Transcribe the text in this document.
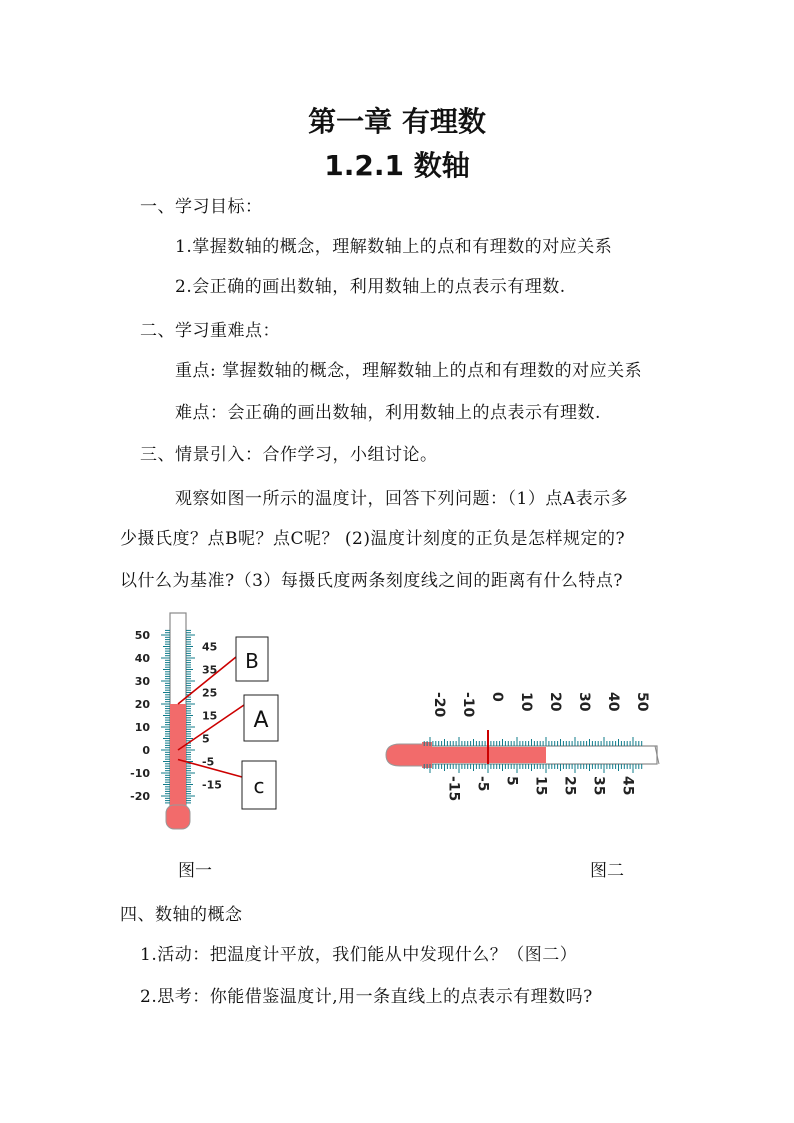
第一章 有理数
1.2.1 数轴
一、学习目标：
1.掌握数轴的概念，理解数轴上的点和有理数的对应关系
2.会正确的画出数轴，利用数轴上的点表示有理数.
二、学习重难点：
重点: 掌握数轴的概念，理解数轴上的点和有理数的对应关系
难点：会正确的画出数轴，利用数轴上的点表示有理数.
三、情景引入：合作学习，小组讨论。
观察如图一所示的温度计，回答下列问题：（1）点A表示多
少摄氏度？点B呢？点C呢？ (2)温度计刻度的正负是怎样规定的?
以什么为基准?（3）每摄氏度两条刻度线之间的距离有什么特点?
50
40
30
20
10
0
-10
-20
45
35
25
15
5
-5
-15
B
A
c
-20 -10 0 10 20 30 40 50
-15 -5 5 15 25 35 45
图一	图二
四、数轴的概念
1.活动：把温度计平放，我们能从中发现什么？（图二）
2.思考：你能借鉴温度计,用一条直线上的点表示有理数吗?
